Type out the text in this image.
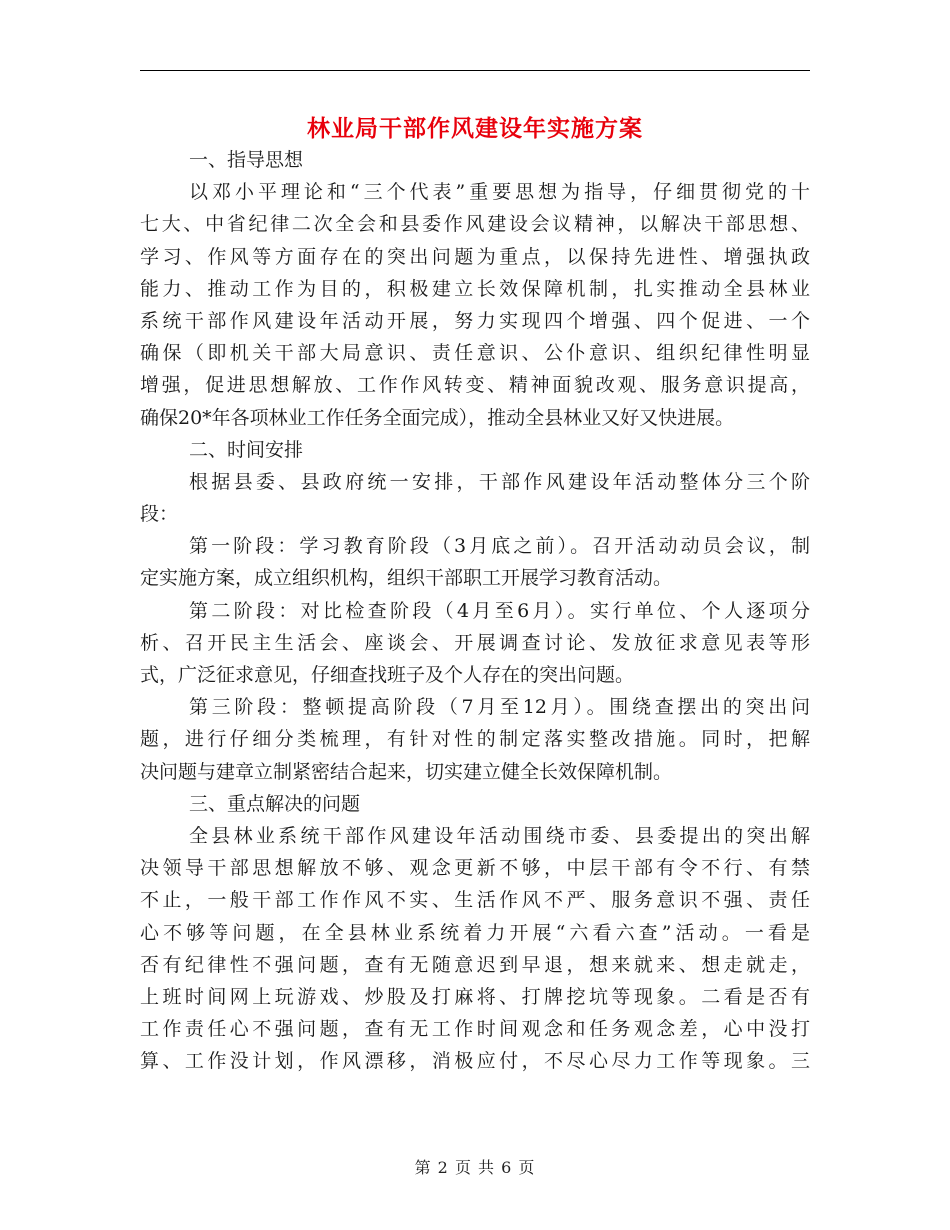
林业局干部作风建设年实施方案
一、指导思想
以邓小平理论和“三个代表”重要思想为指导，仔细贯彻党的十
七大、中省纪律二次全会和县委作风建设会议精神，以解决干部思想、
学习、作风等方面存在的突出问题为重点，以保持先进性、增强执政
能力、推动工作为目的，积极建立长效保障机制，扎实推动全县林业
系统干部作风建设年活动开展，努力实现四个增强、四个促进、一个
确保（即机关干部大局意识、责任意识、公仆意识、组织纪律性明显
增强，促进思想解放、工作作风转变、精神面貌改观、服务意识提高，
确保20*年各项林业工作任务全面完成），推动全县林业又好又快进展。
二、时间安排
根据县委、县政府统一安排，干部作风建设年活动整体分三个阶
段：
第一阶段：学习教育阶段（3月底之前）。召开活动动员会议，制
定实施方案，成立组织机构，组织干部职工开展学习教育活动。
第二阶段：对比检查阶段（4月至6月）。实行单位、个人逐项分
析、召开民主生活会、座谈会、开展调查讨论、发放征求意见表等形
式，广泛征求意见，仔细查找班子及个人存在的突出问题。
第三阶段：整顿提高阶段（7月至12月）。围绕查摆出的突出问
题，进行仔细分类梳理，有针对性的制定落实整改措施。同时，把解
决问题与建章立制紧密结合起来，切实建立健全长效保障机制。
三、重点解决的问题
全县林业系统干部作风建设年活动围绕市委、县委提出的突出解
决领导干部思想解放不够、观念更新不够，中层干部有令不行、有禁
不止，一般干部工作作风不实、生活作风不严、服务意识不强、责任
心不够等问题，在全县林业系统着力开展“六看六查”活动。一看是
否有纪律性不强问题，查有无随意迟到早退，想来就来、想走就走，
上班时间网上玩游戏、炒股及打麻将、打牌挖坑等现象。二看是否有
工作责任心不强问题，查有无工作时间观念和任务观念差，心中没打
算、工作没计划，作风漂移，消极应付，不尽心尽力工作等现象。三
第 2 页 共 6 页
